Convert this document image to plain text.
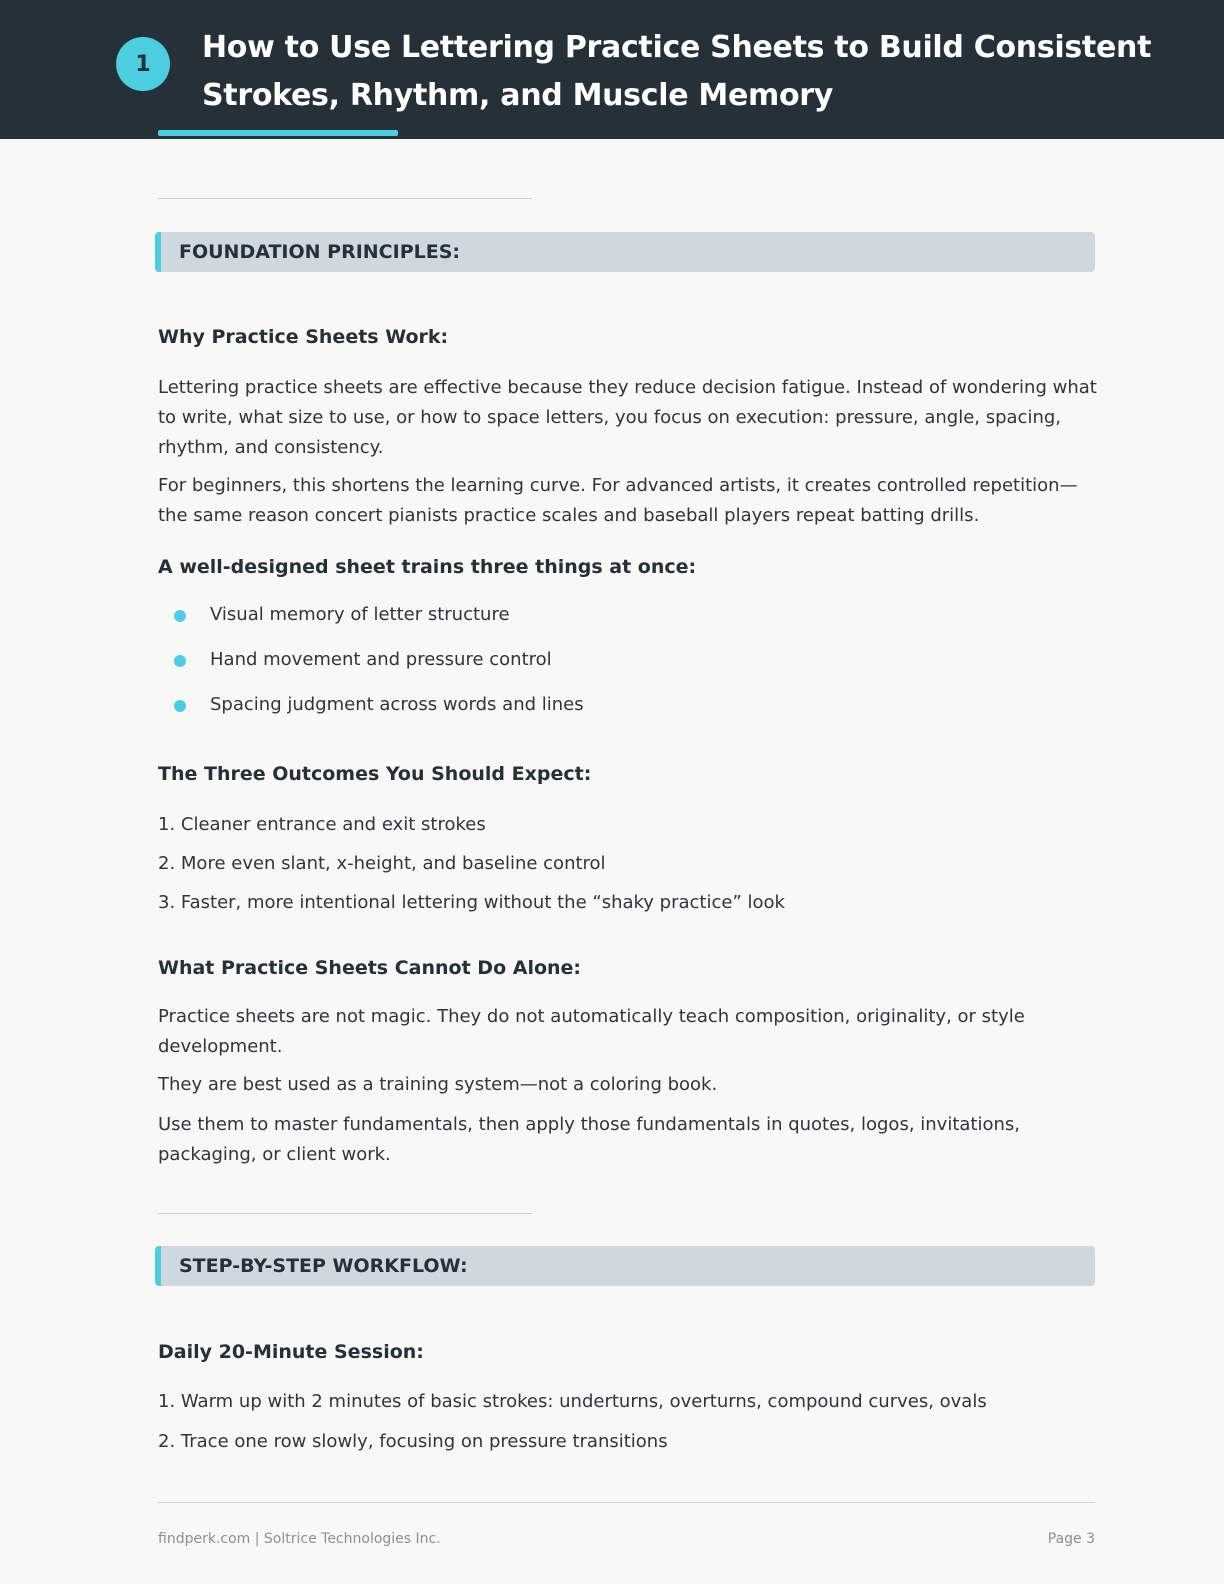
1	How to Use Lettering Practice Sheets to Build Consistent Strokes, Rhythm, and Muscle Memory
FOUNDATION PRINCIPLES:
Why Practice Sheets Work:
Lettering practice sheets are effective because they reduce decision fatigue. Instead of wondering what to write, what size to use, or how to space letters, you focus on execution: pressure, angle, spacing, rhythm, and consistency.
For beginners, this shortens the learning curve. For advanced artists, it creates controlled repetition—the same reason concert pianists practice scales and baseball players repeat batting drills.
A well-designed sheet trains three things at once:
Visual memory of letter structure
Hand movement and pressure control
Spacing judgment across words and lines
The Three Outcomes You Should Expect:
1. Cleaner entrance and exit strokes
2. More even slant, x-height, and baseline control
3. Faster, more intentional lettering without the “shaky practice” look
What Practice Sheets Cannot Do Alone:
Practice sheets are not magic. They do not automatically teach composition, originality, or style development.
They are best used as a training system—not a coloring book.
Use them to master fundamentals, then apply those fundamentals in quotes, logos, invitations, packaging, or client work.
STEP-BY-STEP WORKFLOW:
Daily 20-Minute Session:
1. Warm up with 2 minutes of basic strokes: underturns, overturns, compound curves, ovals
2. Trace one row slowly, focusing on pressure transitions
findperk.com | Soltrice Technologies Inc.	Page 3
